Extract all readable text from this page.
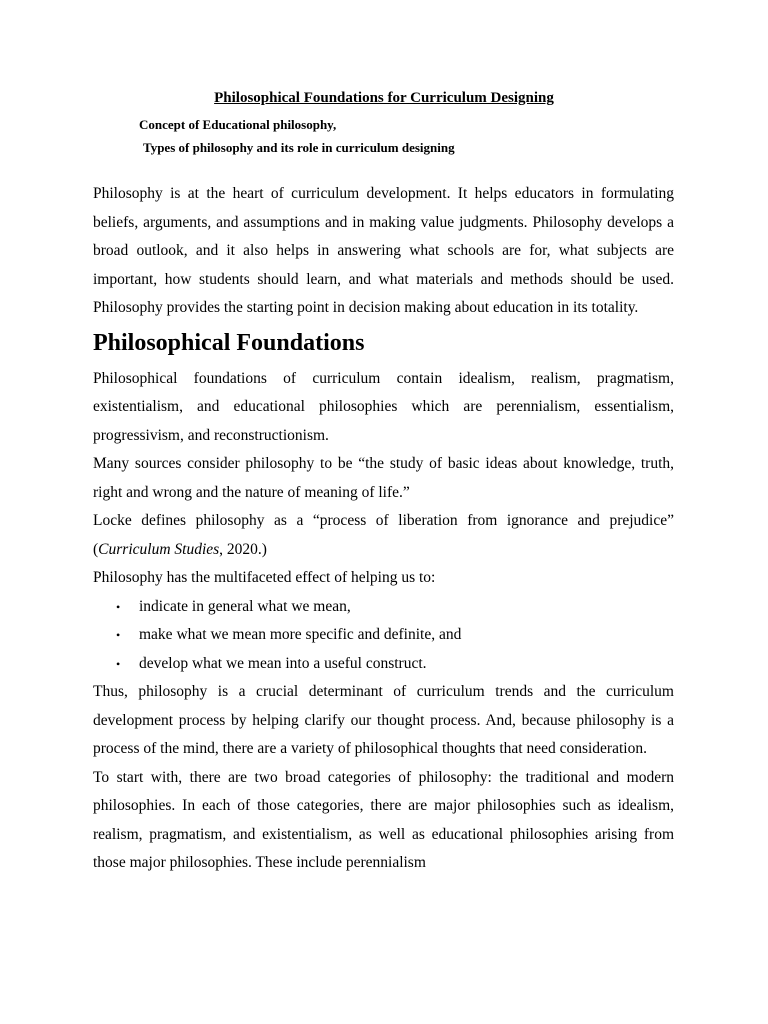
Philosophical Foundations for Curriculum Designing
Concept of Educational philosophy,
Types of philosophy and its role in curriculum designing

Philosophy is at the heart of curriculum development. It helps educators in formulating beliefs, arguments, and assumptions and in making value judgments. Philosophy develops a broad outlook, and it also helps in answering what schools are for, what subjects are important, how students should learn, and what materials and methods should be used. Philosophy provides the starting point in decision making about education in its totality.

Philosophical Foundations

Philosophical foundations of curriculum contain idealism, realism, pragmatism, existentialism, and educational philosophies which are perennialism, essentialism, progressivism, and reconstructionism.

Many sources consider philosophy to be “the study of basic ideas about knowledge, truth, right and wrong and the nature of meaning of life.”

Locke defines philosophy as a “process of liberation from ignorance and prejudice” (Curriculum Studies, 2020.)

Philosophy has the multifaceted effect of helping us to:

• indicate in general what we mean,
• make what we mean more specific and definite, and
• develop what we mean into a useful construct.

Thus, philosophy is a crucial determinant of curriculum trends and the curriculum development process by helping clarify our thought process. And, because philosophy is a process of the mind, there are a variety of philosophical thoughts that need consideration.

To start with, there are two broad categories of philosophy: the traditional and modern philosophies. In each of those categories, there are major philosophies such as idealism, realism, pragmatism, and existentialism, as well as educational philosophies arising from those major philosophies. These include perennialism
